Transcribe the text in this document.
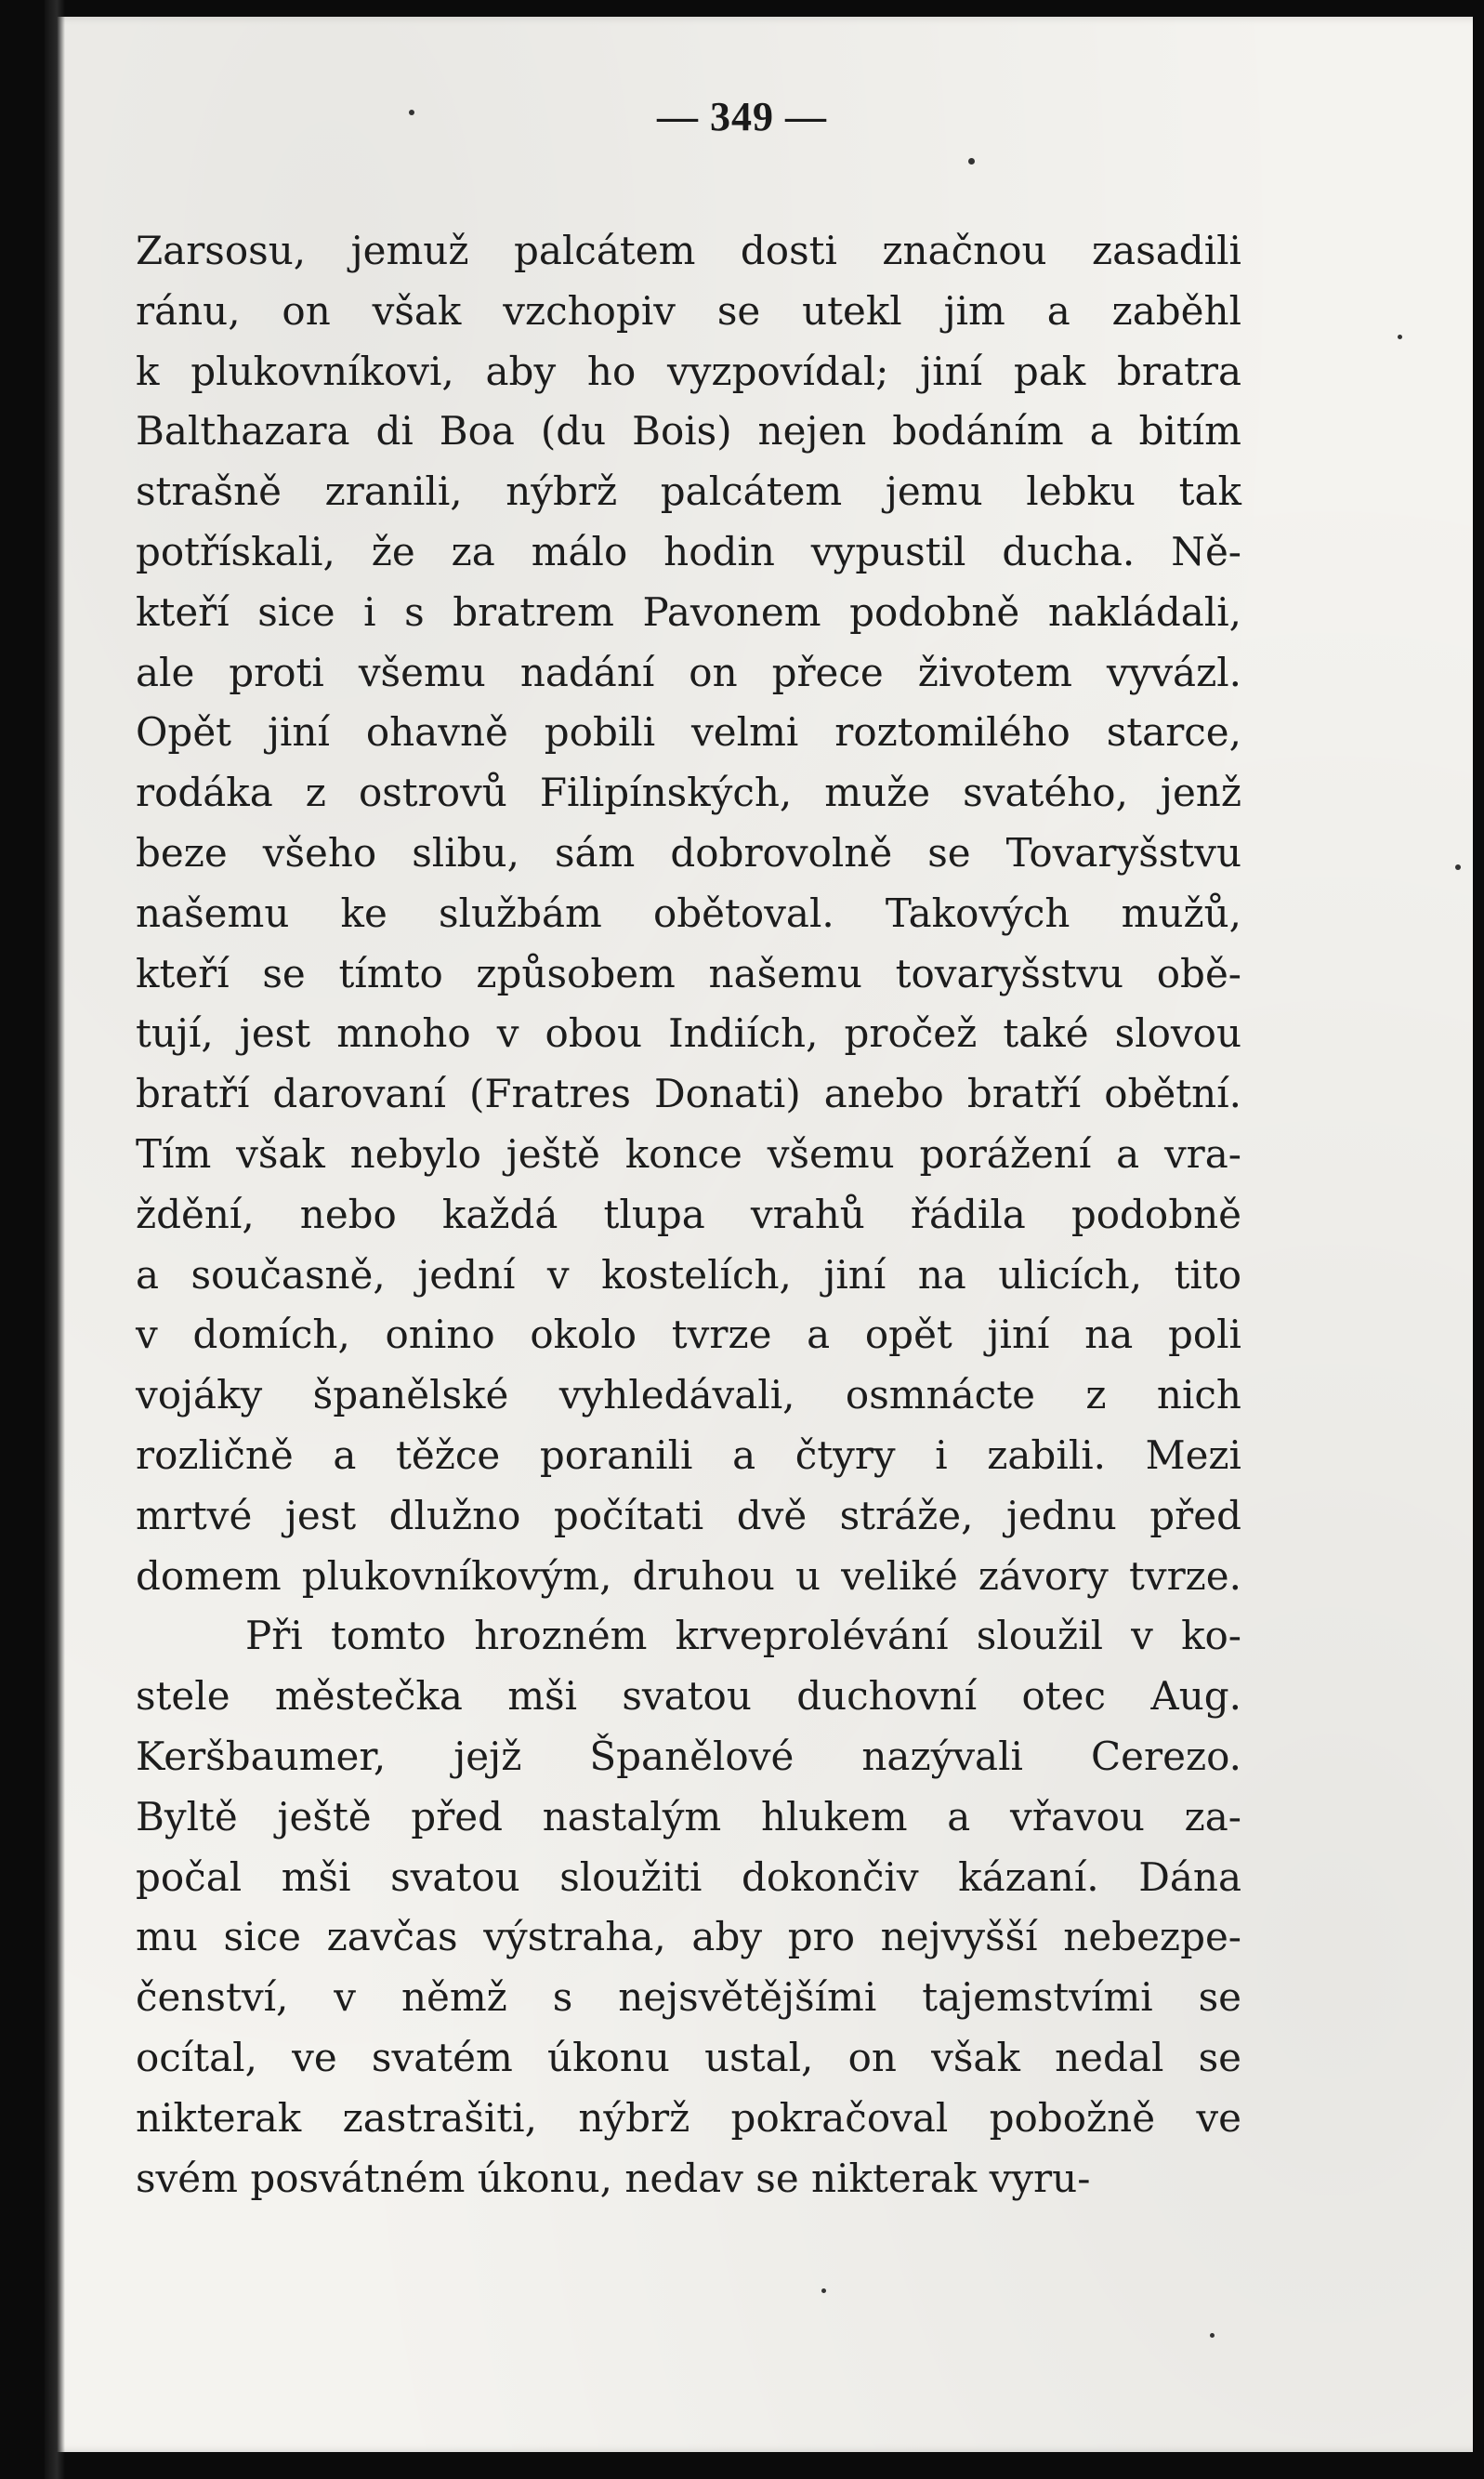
— 349 —
Zarsosu, jemuž palcátem dosti značnou zasadili
ránu, on však vzchopiv se utekl jim a zaběhl
k plukovníkovi, aby ho vyzpovídal; jiní pak bratra
Balthazara di Boa (du Bois) nejen bodáním a bitím
strašně zranili, nýbrž palcátem jemu lebku tak
potřískali, že za málo hodin vypustil ducha. Ně-
kteří sice i s bratrem Pavonem podobně nakládali,
ale proti všemu nadání on přece životem vyvázl.
Opět jiní ohavně pobili velmi roztomilého starce,
rodáka z ostrovů Filipínských, muže svatého, jenž
beze všeho slibu, sám dobrovolně se Tovaryšstvu
našemu ke službám obětoval. Takových mužů,
kteří se tímto způsobem našemu tovaryšstvu obě-
tují, jest mnoho v obou Indiích, pročež také slovou
bratří darovaní (Fratres Donati) anebo bratří obětní.
Tím však nebylo ještě konce všemu porážení a vra-
ždění, nebo každá tlupa vrahů řádila podobně
a současně, jední v kostelích, jiní na ulicích, tito
v domích, onino okolo tvrze a opět jiní na poli
vojáky španělské vyhledávali, osmnácte z nich
rozličně a těžce poranili a čtyry i zabili. Mezi
mrtvé jest dlužno počítati dvě stráže, jednu před
domem plukovníkovým, druhou u veliké závory tvrze.
Při tomto hrozném krveprolévání sloužil v ko-
stele městečka mši svatou duchovní otec Aug.
Keršbaumer, jejž Španělové nazývali Cerezo.
Byltě ještě před nastalým hlukem a vřavou za-
počal mši svatou sloužiti dokončiv kázaní. Dána
mu sice zavčas výstraha, aby pro nejvyšší nebezpe-
čenství, v němž s nejsvětějšími tajemstvími se
ocítal, ve svatém úkonu ustal, on však nedal se
nikterak zastrašiti, nýbrž pokračoval pobožně ve
svém posvátném úkonu, nedav se nikterak vyru-
